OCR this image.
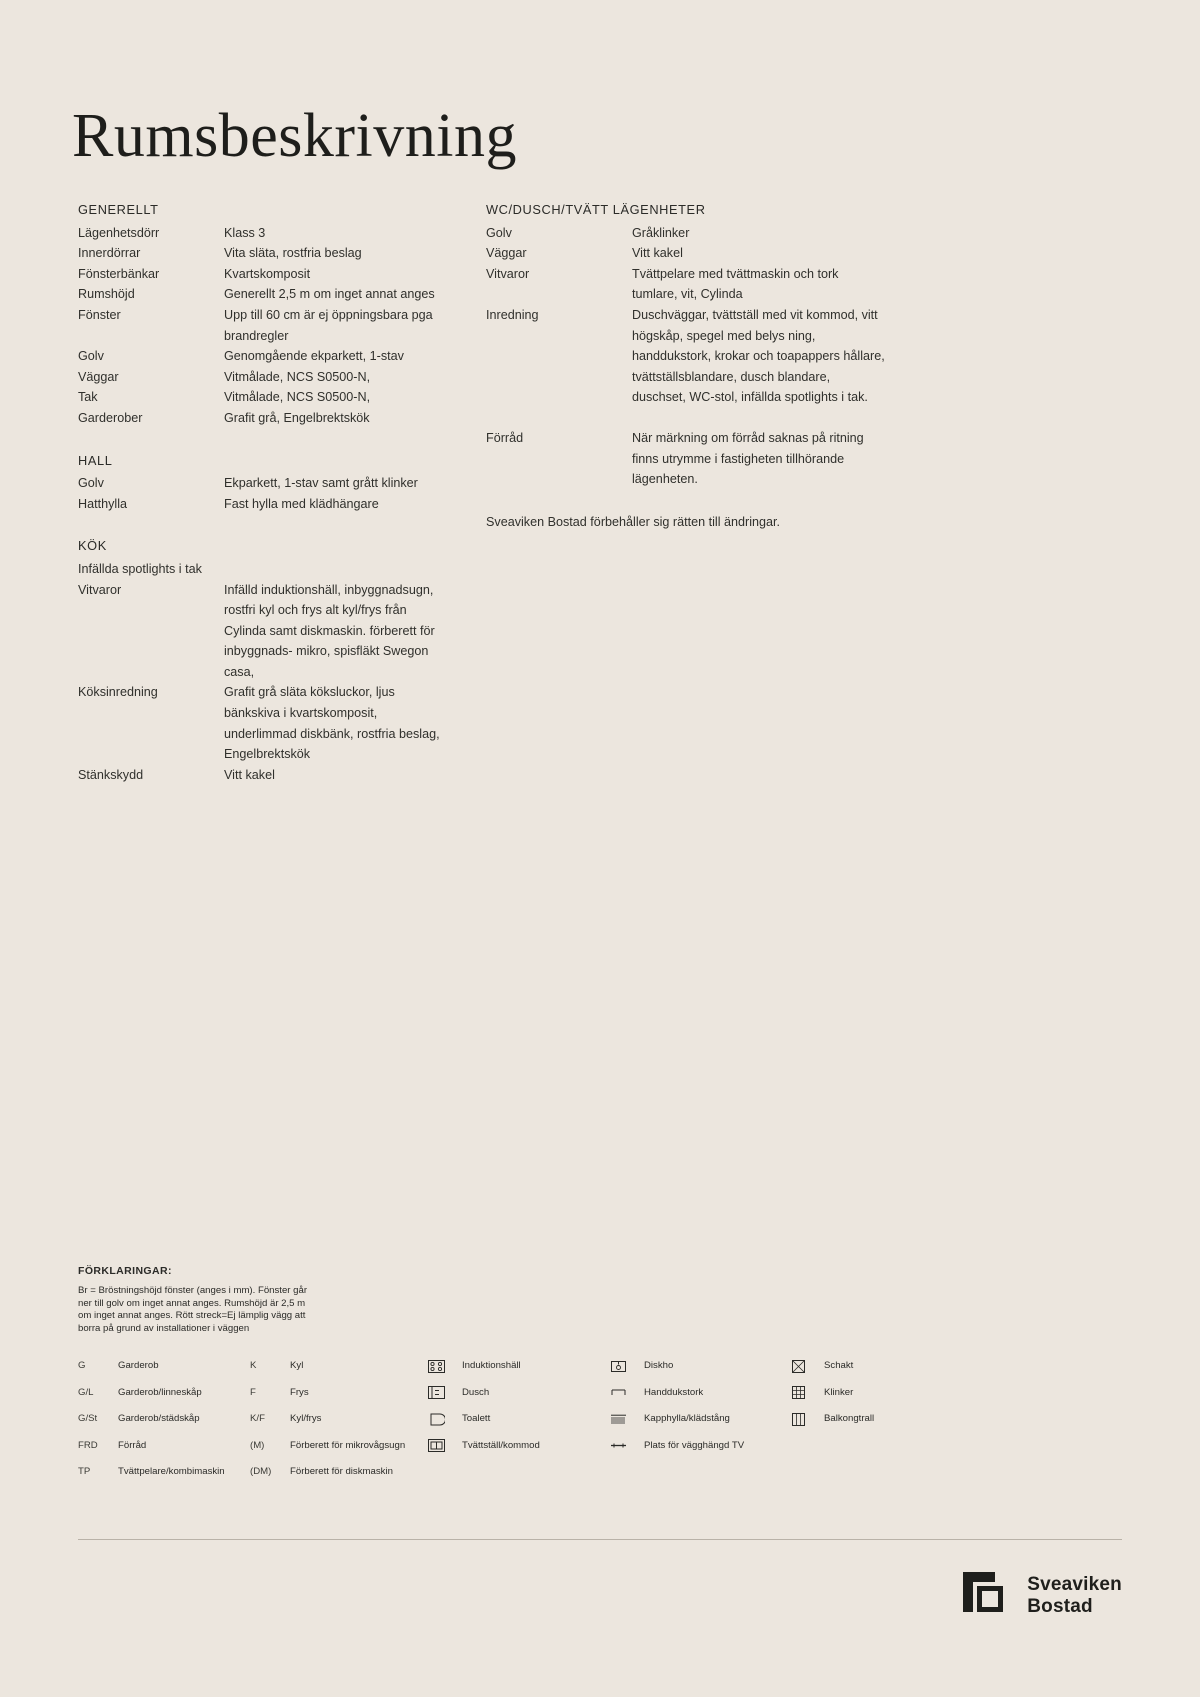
Rumsbeskrivning
GENERELLT
Lägenhetsdörr	Klass 3
Innerdörrar	Vita släta, rostfria beslag
Fönsterbänkar	Kvartskomposit
Rumshöjd	Generellt 2,5 m om inget annat anges
Fönster	Upp till 60 cm är ej öppningsbara pga brandregler
Golv	Genomgående ekparkett, 1-stav
Väggar	Vitmålade, NCS S0500-N,
Tak	Vitmålade, NCS S0500-N,
Garderober	Grafit grå, Engelbrektskök
HALL
Golv	Ekparkett, 1-stav samt grått klinker
Hatthylla	Fast hylla med klädhängare
KÖK
Infällda spotlights i tak
Vitvaror	Infälld induktionshäll, inbyggnadsugn, rostfri kyl och frys alt kyl/frys från Cylinda samt diskmaskin. förberett för inbyggnads- mikro, spisfläkt Swegon casa,
Köksinredning	Grafit grå släta köksluckor, ljus bänkskiva i kvartskomposit, underlimmad diskbänk, rostfria beslag, Engelbrektskök
Stänkskydd	Vitt kakel
WC/DUSCH/TVÄTT LÄGENHETER
Golv	Gråklinker
Väggar	Vitt kakel
Vitvaror	Tvättpelare med tvättmaskin och tork tumlare, vit, Cylinda
Inredning	Duschväggar, tvättställ med vit kommod, vitt högskåp, spegel med belys ning, handdukstork, krokar och toapappers hållare, tvättställsblandare, dusch blandare, duschset, WC-stol, infällda spotlights i tak.
Förråd	När märkning om förråd saknas på ritning finns utrymme i fastigheten tillhörande lägenheten.
Sveaviken Bostad förbehåller sig rätten till ändringar.
FÖRKLARINGAR:
Br = Bröstningshöjd fönster (anges i mm). Fönster går ner till golv om inget annat anges. Rumshöjd är 2,5 m om inget annat anges. Rött streck=Ej lämplig vägg att borra på grund av installationer i väggen
G	Garderob
G/L	Garderob/linneskåp
G/St	Garderob/städskåp
FRD	Förråd
TP	Tvättpelare/kombimaskin
K	Kyl
F	Frys
K/F	Kyl/frys
(M)	Förberett för mikrovågsugn
(DM)	Förberett för diskmaskin
Induktionshäll
Dusch
Toalett
Tvättställ/kommod
Diskho
Handdukstork
Kapphylla/klädstång
Plats för vägghängd TV
Schakt
Klinker
Balkongtrall
Sveaviken
Bostad
